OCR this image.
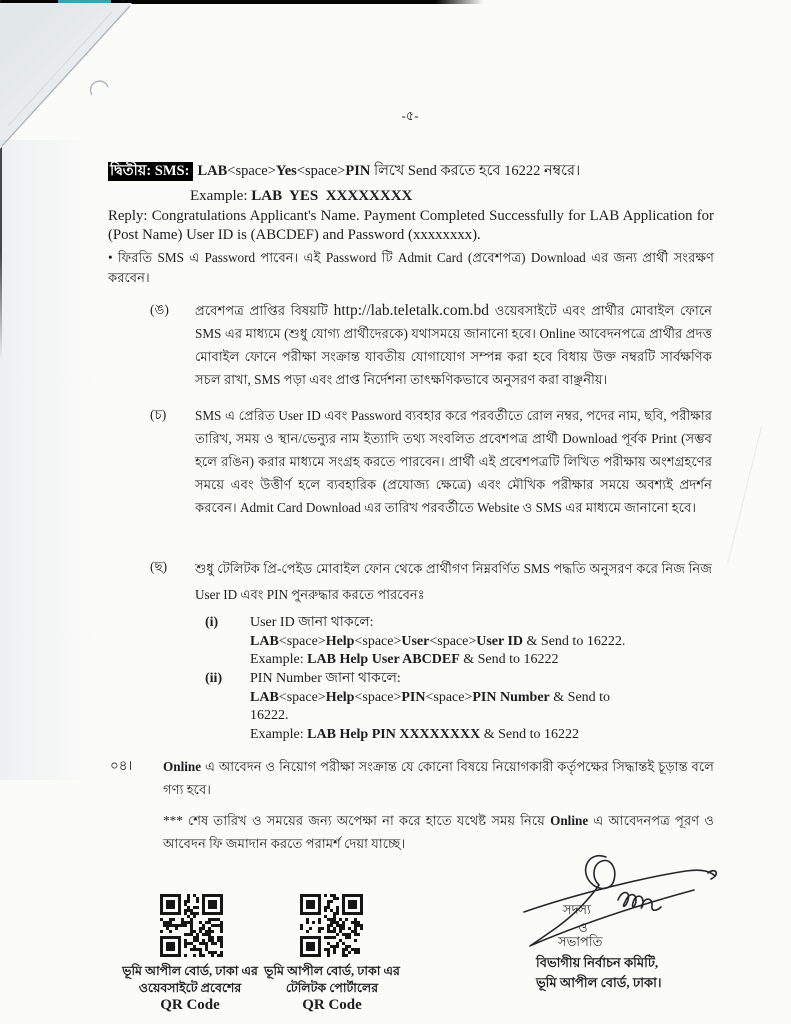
-৫-
দ্বিতীয়: SMS: LAB<space>Yes<space>PIN লিখে Send করতে হবে 16222 নম্বরে।
Example: LAB  YES  XXXXXXXX
Reply: Congratulations Applicant's Name. Payment Completed Successfully for LAB Application for (Post Name) User ID is (ABCDEF) and Password (xxxxxxxx).
• ফিরতি SMS এ Password পাবেন। এই Password টি Admit Card (প্রবেশপত্র) Download এর জন্য প্রার্থী সংরক্ষণ করবেন।
(ঙ) প্রবেশপত্র প্রাপ্তির বিষয়টি http://lab.teletalk.com.bd ওয়েবসাইটে এবং প্রার্থীর মোবাইল ফোনে SMS এর মাধ্যমে (শুধু যোগ্য প্রার্থীদেরকে) যথাসময়ে জানানো হবে। Online আবেদনপত্রে প্রার্থীর প্রদত্ত মোবাইল ফোনে পরীক্ষা সংক্রান্ত যাবতীয় যোগাযোগ সম্পন্ন করা হবে বিধায় উক্ত নম্বরটি সার্বক্ষণিক সচল রাখা, SMS পড়া এবং প্রাপ্ত নির্দেশনা তাৎক্ষণিকভাবে অনুসরণ করা বাঞ্ছনীয়।
(চ) SMS এ প্রেরিত User ID এবং Password ব্যবহার করে পরবর্তীতে রোল নম্বর, পদের নাম, ছবি, পরীক্ষার তারিখ, সময় ও স্থান/ভেন্যুর নাম ইত্যাদি তথ্য সংবলিত প্রবেশপত্র প্রার্থী Download পূর্বক Print (সম্ভব হলে রঙিন) করার মাধ্যমে সংগ্রহ করতে পারবেন। প্রার্থী এই প্রবেশপত্রটি লিখিত পরীক্ষায় অংশগ্রহণের সময়ে এবং উত্তীর্ণ হলে ব্যবহারিক (প্রযোজ্য ক্ষেত্রে) এবং মৌখিক পরীক্ষার সময়ে অবশ্যই প্রদর্শন করবেন। Admit Card Download এর তারিখ পরবর্তীতে Website ও SMS এর মাধ্যমে জানানো হবে।
(ছ) শুধু টেলিটক প্রি-পেইড মোবাইল ফোন থেকে প্রার্থীগণ নিম্নবর্ণিত SMS পদ্ধতি অনুসরণ করে নিজ নিজ User ID এবং PIN পুনরুদ্ধার করতে পারবেনঃ
(i) User ID জানা থাকলে:
LAB<space>Help<space>User<space>User ID & Send to 16222.
Example: LAB Help User ABCDEF & Send to 16222
(ii) PIN Number জানা থাকলে:
LAB<space>Help<space>PIN<space>PIN Number & Send to
16222.
Example: LAB Help PIN XXXXXXXX & Send to 16222
০৪। Online এ আবেদন ও নিয়োগ পরীক্ষা সংক্রান্ত যে কোনো বিষয়ে নিয়োগকারী কর্তৃপক্ষের সিদ্ধান্তই চূড়ান্ত বলে গণ্য হবে।
*** শেষ তারিখ ও সময়ের জন্য অপেক্ষা না করে হাতে যথেষ্ট সময় নিয়ে Online এ আবেদনপত্র পূরণ ও আবেদন ফি জমাদান করতে পরামর্শ দেয়া যাচ্ছে।
ভূমি আপীল বোর্ড, ঢাকা এর
ওয়েবসাইটে প্রবেশের
QR Code
ভূমি আপীল বোর্ড, ঢাকা এর
টেলিটক পোর্টালের
QR Code
সদস্য
ও
সভাপতি
বিভাগীয় নির্বাচন কমিটি,
ভূমি আপীল বোর্ড, ঢাকা।
